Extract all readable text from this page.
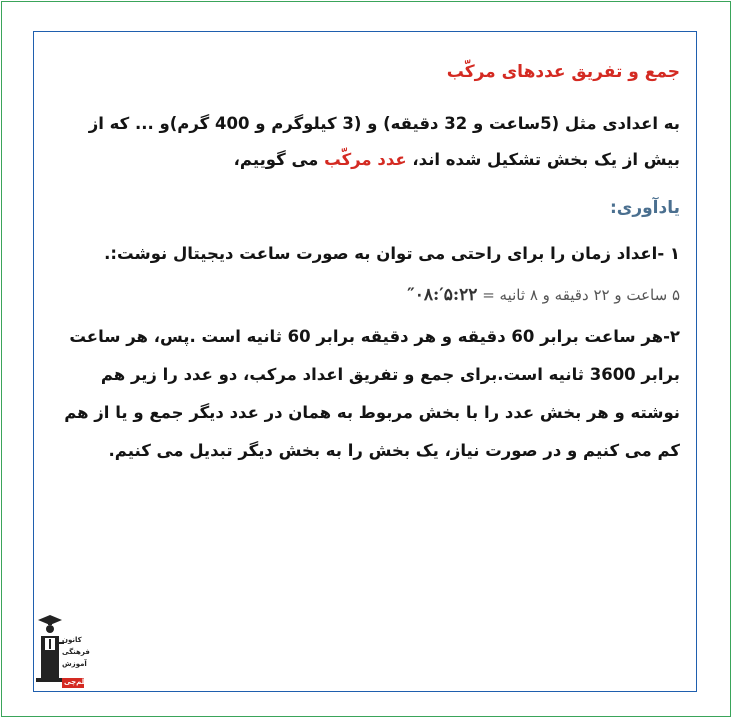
جمع و تفریق عددهای مرکّب

به اعدادی مثل (5ساعت و 32 دقیقه) و (3 کیلوگرم و 400 گرم)و ... که از
بیش از یک بخش تشکیل شده اند، عدد مرکّب می گوییم،

یادآوری:

۱ -اعداد زمان را برای راحتی می توان به صورت ساعت دیجیتال نوشت:.

۵ ساعت و ۲۲ دقیقه و ۸ ثانیه = ۵:۲۲′:۰۸″

۲-هر ساعت برابر 60 دقیقه و هر دقیقه برابر 60 ثانیه است .پس، هر ساعت برابر 3600 ثانیه است.برای جمع و تفریق اعداد مرکب، دو عدد را زیر هم نوشته و هر بخش عدد را با بخش مربوط به همان در عدد دیگر جمع و یا از هم کم می کنیم و در صورت نیاز، یک بخش را به بخش دیگر تبدیل می کنیم.

کانون
فرهنگی
آموزش
قلم‌چی
